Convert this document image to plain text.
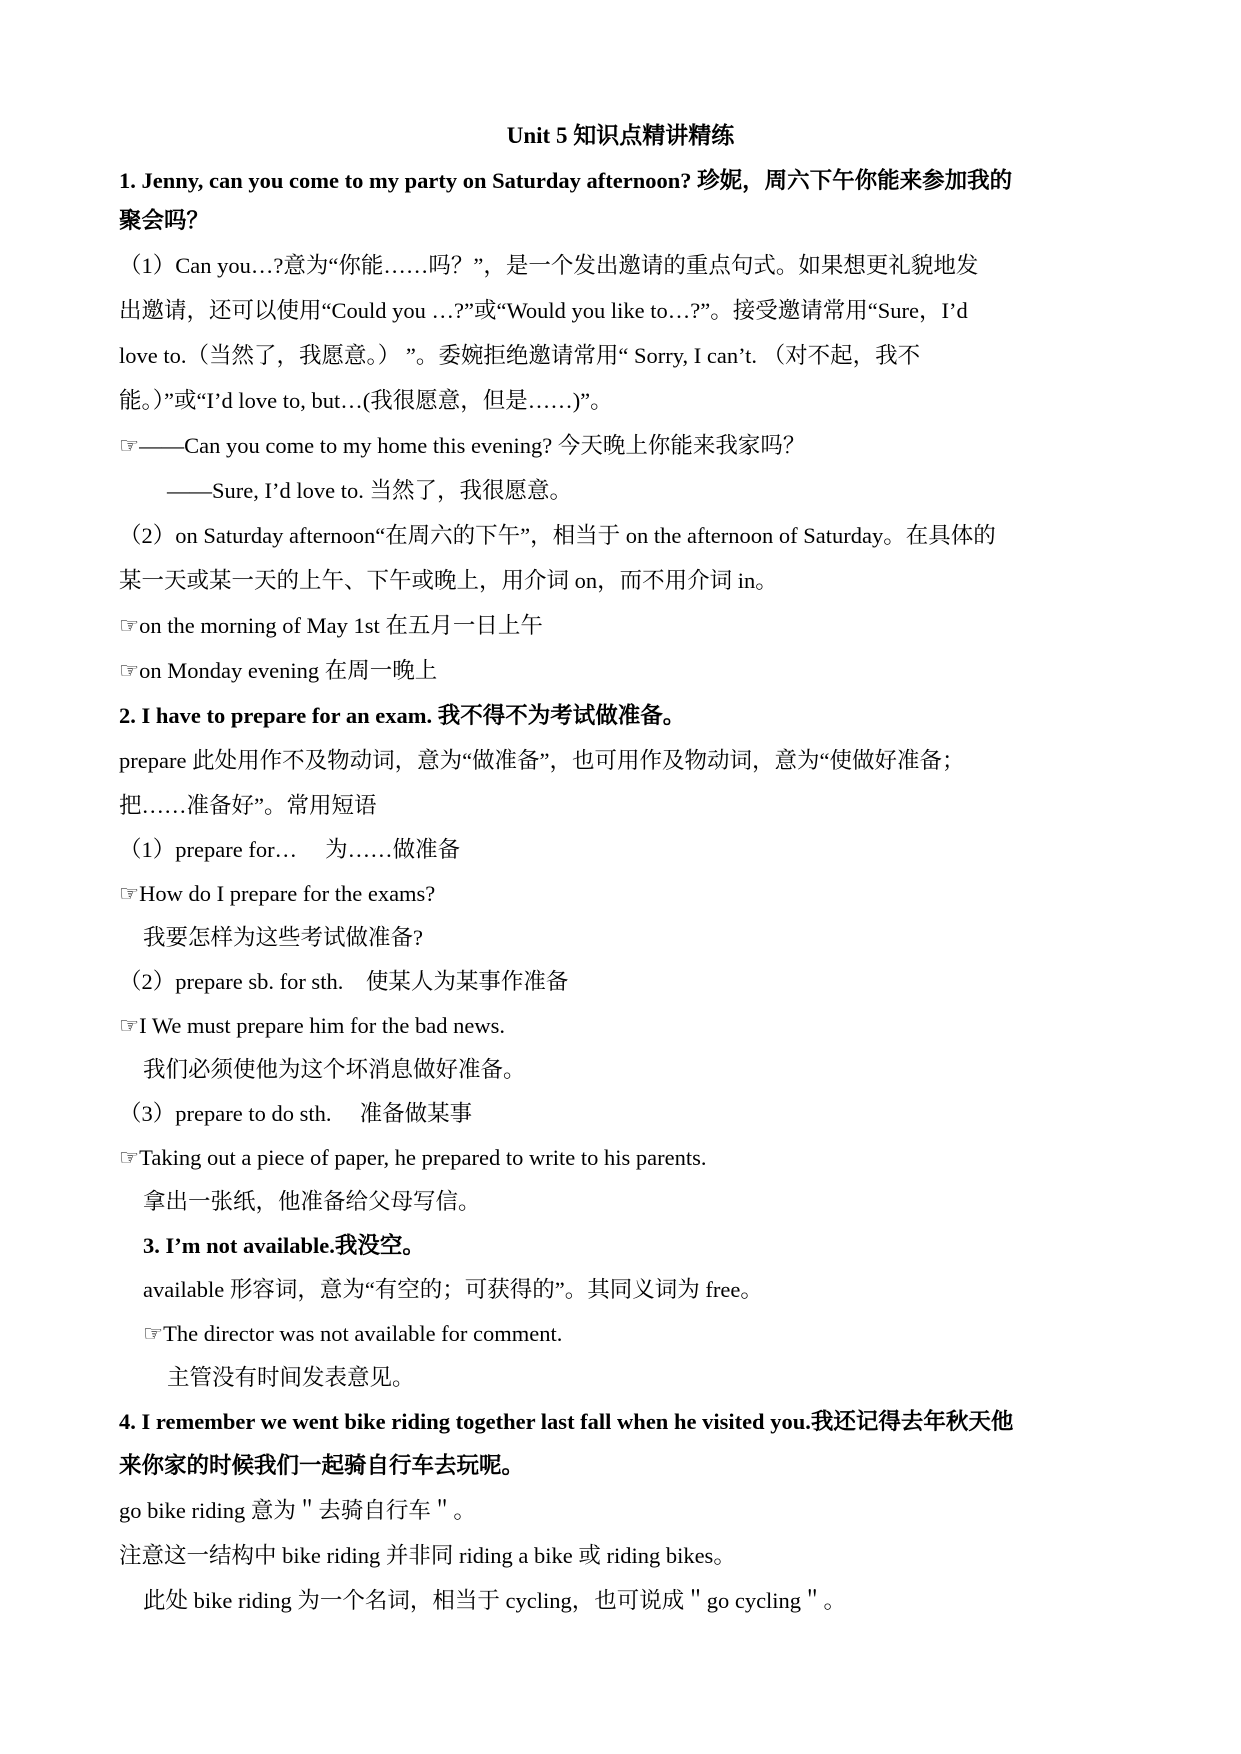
Unit 5 知识点精讲精练
1. Jenny, can you come to my party on Saturday afternoon? 珍妮，周六下午你能来参加我的
聚会吗？
（1）Can you…?意为“你能……吗？”，是一个发出邀请的重点句式。如果想更礼貌地发
出邀请，还可以使用“Could you …?”或“Would you like to…?”。接受邀请常用“Sure，I’d
love to.（当然了，我愿意。） ”。委婉拒绝邀请常用“ Sorry, I can’t. （对不起，我不
能。）”或“I’d love to, but…(我很愿意，但是……)”。
☞——Can you come to my home this evening? 今天晚上你能来我家吗？
——Sure, I’d love to. 当然了，我很愿意。
（2）on Saturday afternoon“在周六的下午”，相当于 on the afternoon of Saturday。在具体的
某一天或某一天的上午、下午或晚上，用介词 on，而不用介词 in。
☞on the morning of May 1st 在五月一日上午
☞on Monday evening 在周一晚上
2. I have to prepare for an exam. 我不得不为考试做准备。
prepare 此处用作不及物动词，意为“做准备”，也可用作及物动词，意为“使做好准备；
把……准备好”。常用短语
（1）prepare for…　 为……做准备
☞How do I prepare for the exams?
我要怎样为这些考试做准备?
（2）prepare sb. for sth.　使某人为某事作准备
☞I We must prepare him for the bad news.
我们必须使他为这个坏消息做好准备。
（3）prepare to do sth.　 准备做某事
☞Taking out a piece of paper, he prepared to write to his parents.
拿出一张纸，他准备给父母写信。
3. I’m not available.我没空。
available 形容词，意为“有空的；可获得的”。其同义词为 free。
☞The director was not available for comment.
主管没有时间发表意见。
4. I remember we went bike riding together last fall when he visited you.我还记得去年秋天他
来你家的时候我们一起骑自行车去玩呢。
go bike riding 意为＂去骑自行车＂。
注意这一结构中 bike riding 并非同 riding a bike 或 riding bikes。
此处 bike riding 为一个名词，相当于 cycling，也可说成＂go cycling＂。
